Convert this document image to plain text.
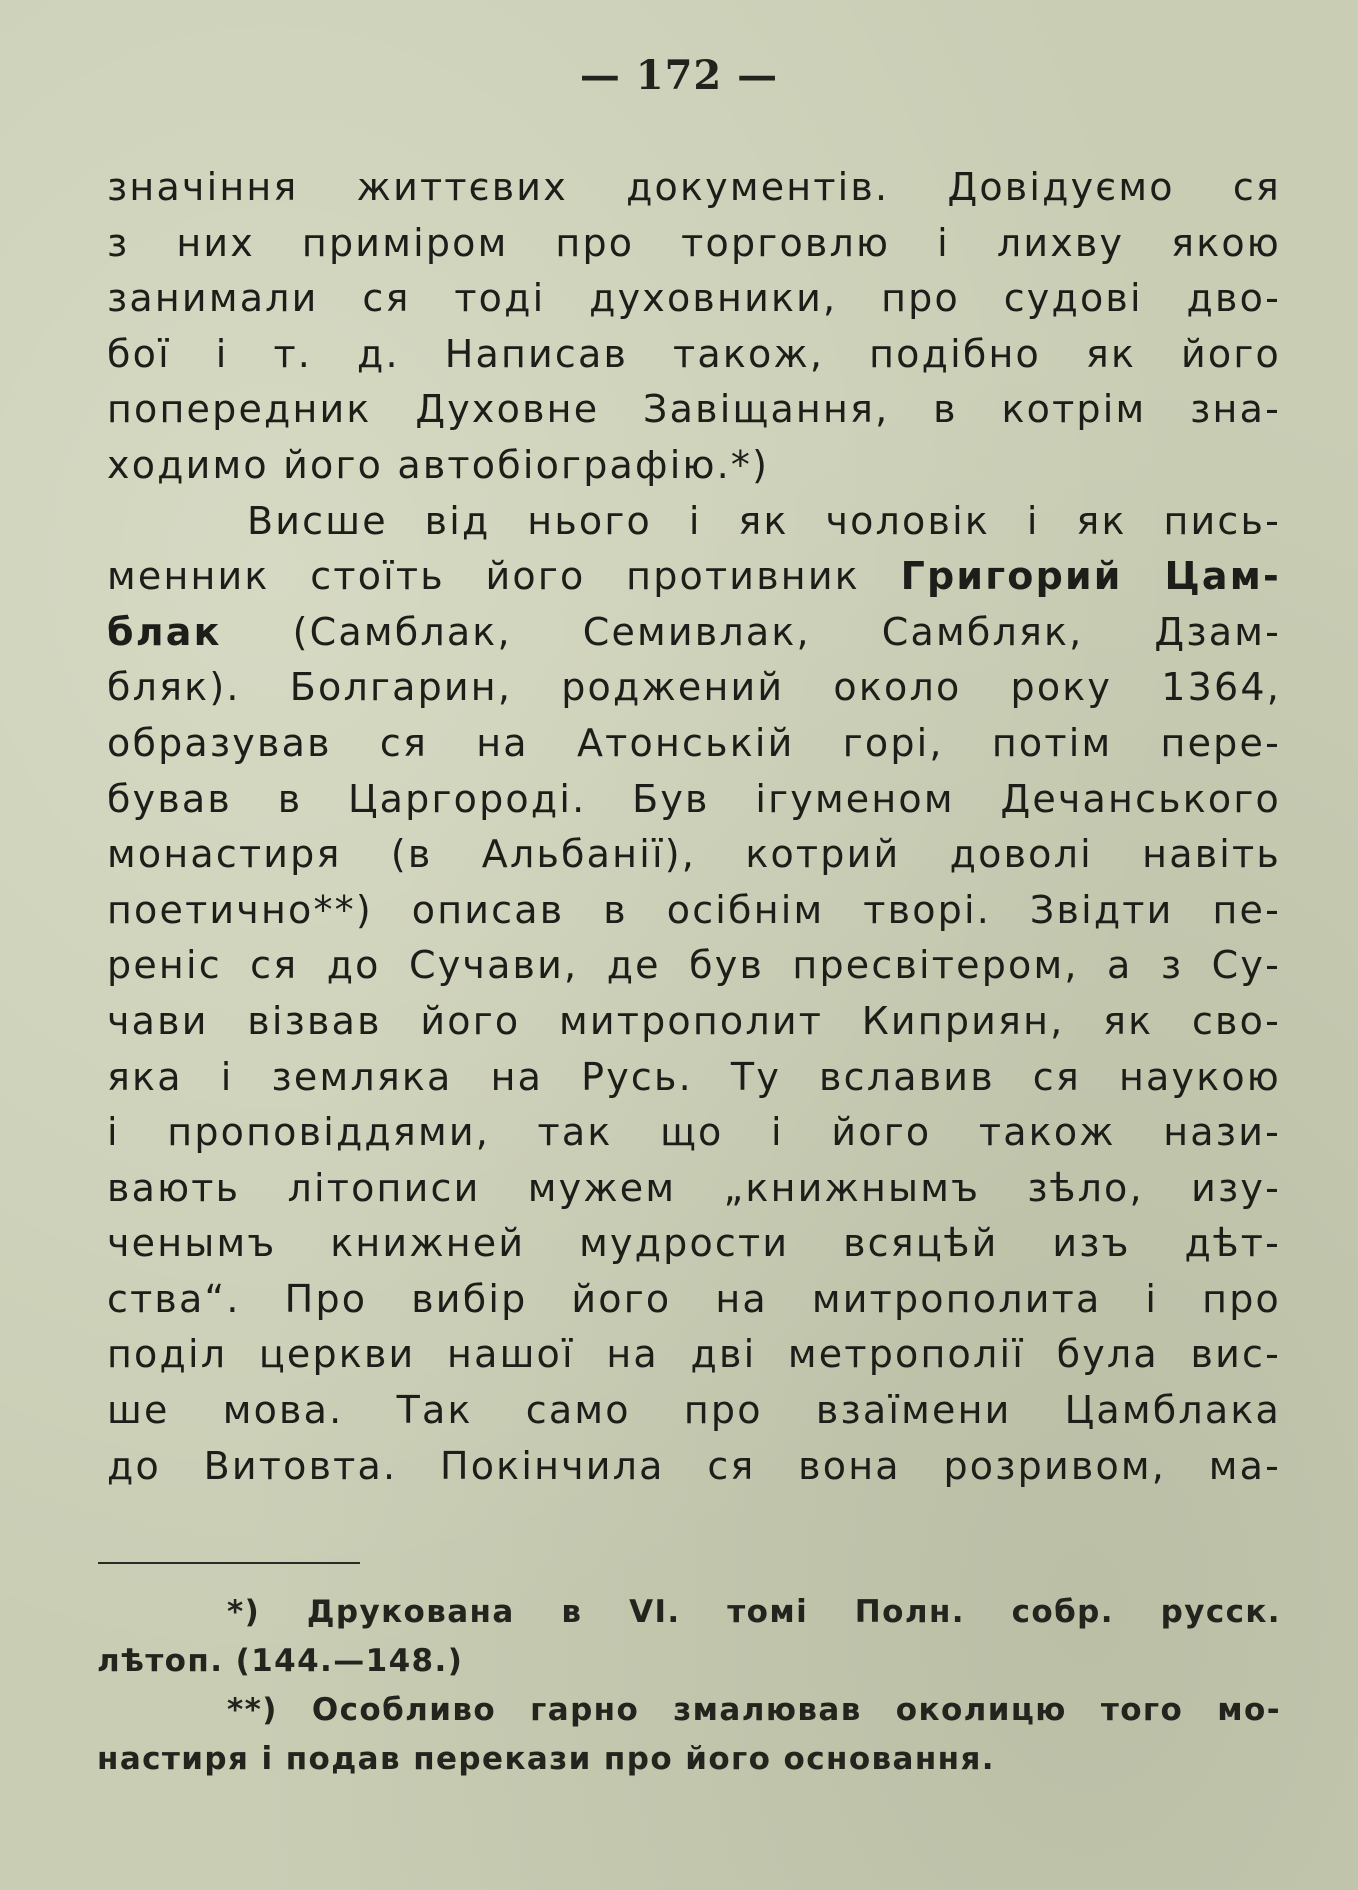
— 172 —
значіння життєвих документів. Довідуємо ся
з них приміром про торговлю і лихву якою
занимали ся тоді духовники, про судові дво-
бої і т. д. Написав також, подібно як його
попередник Духовне Завіщання, в котрім зна-
ходимо його автобіографію.*)
Висше від нього і як чоловік і як пись-
менник стоїть його противник Григорий Цам-
блак (Самблак, Семивлак, Самбляк, Дзам-
бляк). Болгарин, роджений около року 1364,
образував ся на Атонській горі, потім пере-
бував в Царгороді. Був ігуменом Дечанського
монастиря (в Альбанії), котрий доволі навіть
поетично**) описав в осібнім творі. Звідти пе-
реніс ся до Сучави, де був пресвітером, а з Су-
чави візвав його митрополит Киприян, як сво-
яка і земляка на Русь. Ту вславив ся наукою
і проповіддями, так що і його також нази-
вають літописи мужем „книжнымъ зѣло, изу-
ченымъ книжней мудрости всяцѣй изъ дѣт-
ства“. Про вибір його на митрополита і про
поділ церкви нашої на дві метрополії була вис-
ше мова. Так само про взаїмени Цамблака
до Витовта. Покінчила ся вона розривом, ма-
*) Друкована в VI. томі Полн. собр. русск.
лѣтоп. (144.—148.)
**) Особливо гарно змалював околицю того мо-
настиря і подав перекази про його основання.
